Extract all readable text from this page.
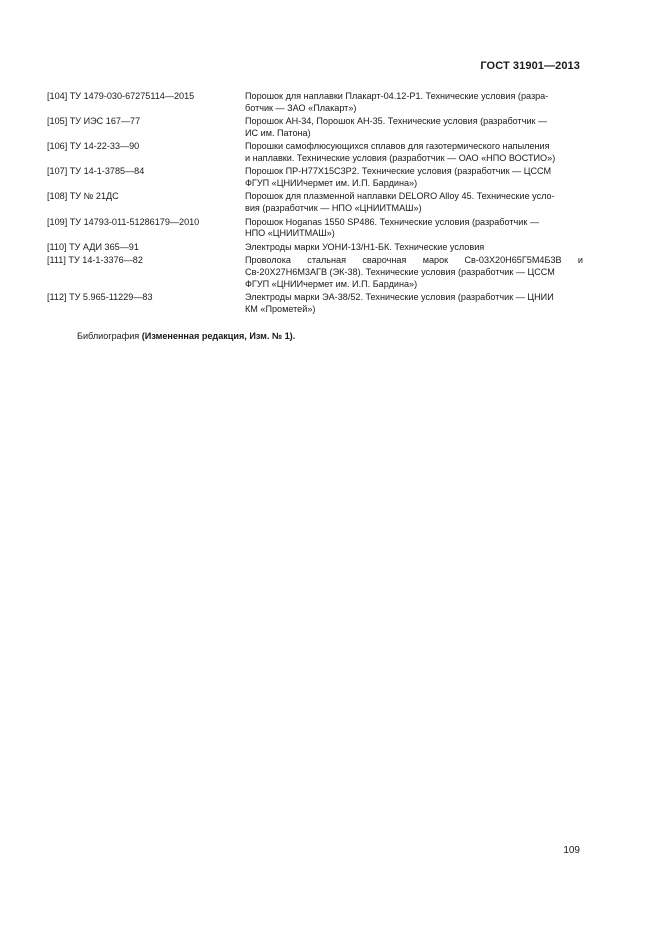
ГОСТ 31901—2013
[104] ТУ 1479-030-67275114—2015	Порошок для наплавки Плакарт-04.12-Р1. Технические условия (разра-
ботчик — ЗАО «Плакарт»)
[105] ТУ ИЭС 167—77	Порошок АН-34, Порошок АН-35. Технические условия (разработчик —
ИС им. Патона)
[106] ТУ 14-22-33—90	Порошки самофлюсующихся сплавов для газотермического напыления
и наплавки. Технические условия (разработчик — ОАО «НПО ВОСТИО»)
[107] ТУ 14-1-3785—84	Порошок ПР-Н77Х15С3Р2. Технические условия (разработчик — ЦССМ
ФГУП «ЦНИИчермет им. И.П. Бардина»)
[108] ТУ № 21ДС	Порошок для плазменной наплавки DELORO Alloy 45. Технические усло-
вия (разработчик — НПО «ЦНИИТМАШ»)
[109] ТУ 14793-011-51286179—2010	Порошок Hoganas 1550 SP486. Технические условия (разработчик —
НПО «ЦНИИТМАШ»)
[110] ТУ АДИ 365—91	Электроды марки УОНИ-13/Н1-БК. Технические условия
[111] ТУ 14-1-3376—82	Проволока стальная сварочная марок Св-03Х20Н65Г5М4Б3В и
Св-20Х27Н6М3АГВ (ЭК-38). Технические условия (разработчик — ЦССМ
ФГУП «ЦНИИчермет им. И.П. Бардина»)
[112] ТУ 5.965-11229—83	Электроды марки ЭА-38/52. Технические условия (разработчик — ЦНИИ
КМ «Прометей»)
Библиография (Измененная редакция, Изм. № 1).
109
